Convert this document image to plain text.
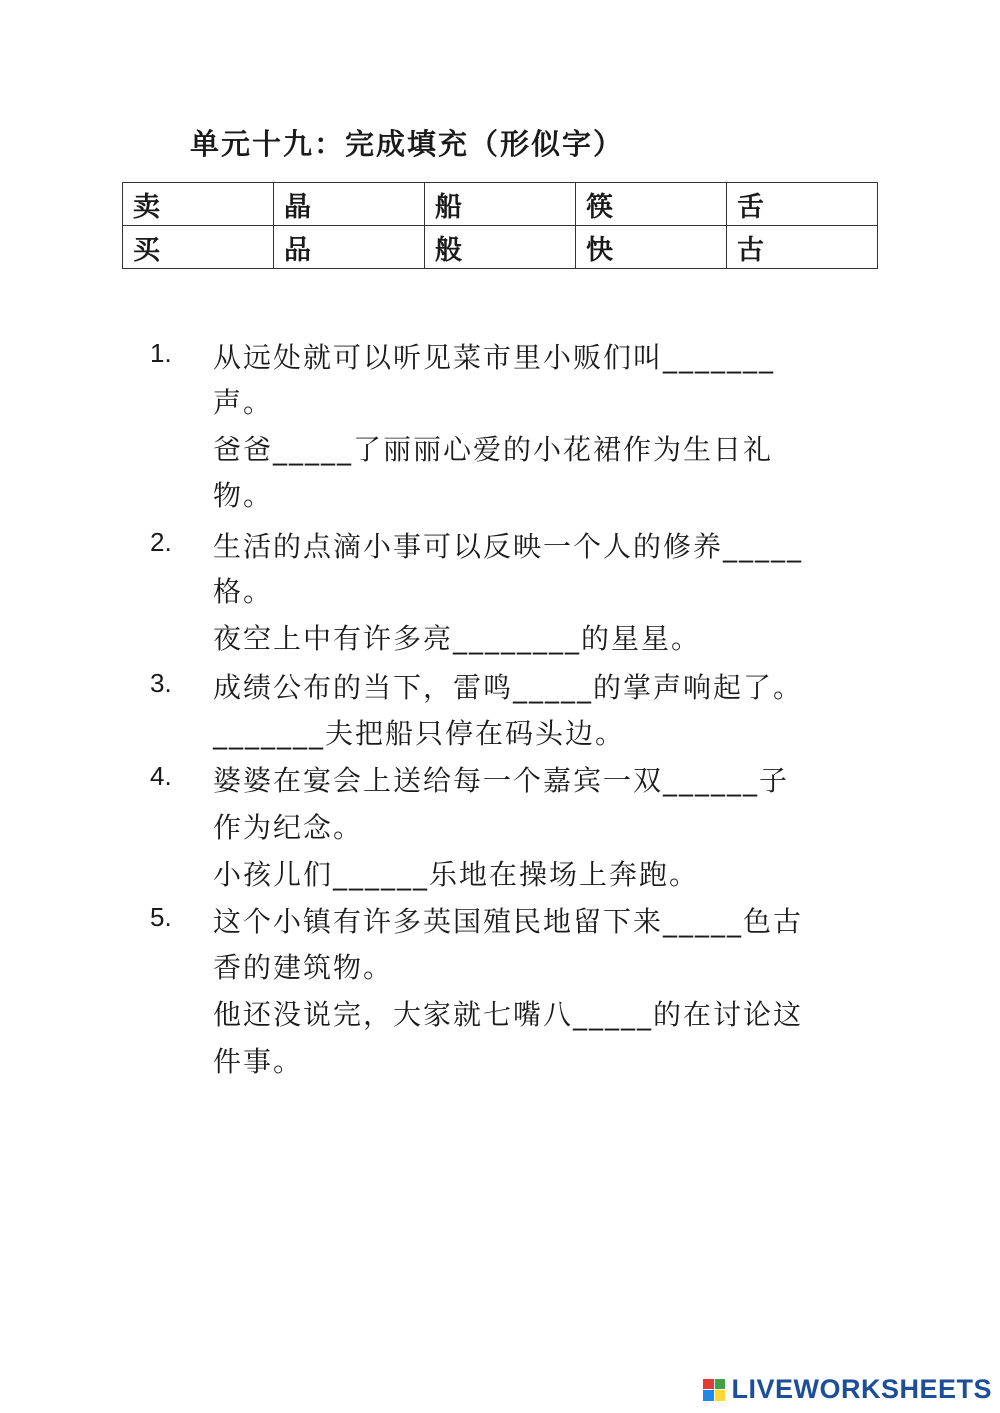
单元十九：完成填充（形似字）
卖	晶	船	筷	舌
买	品	般	快	古
1. 从远处就可以听见菜市里小贩们叫_______
声。
爸爸_____了丽丽心爱的小花裙作为生日礼
物。
2. 生活的点滴小事可以反映一个人的修养_____
格。
夜空上中有许多亮________的星星。
3. 成绩公布的当下，雷鸣_____的掌声响起了。
_______夫把船只停在码头边。
4. 婆婆在宴会上送给每一个嘉宾一双______子
作为纪念。
小孩儿们______乐地在操场上奔跑。
5. 这个小镇有许多英国殖民地留下来_____色古
香的建筑物。
他还没说完，大家就七嘴八_____的在讨论这
件事。
LIVEWORKSHEETS
